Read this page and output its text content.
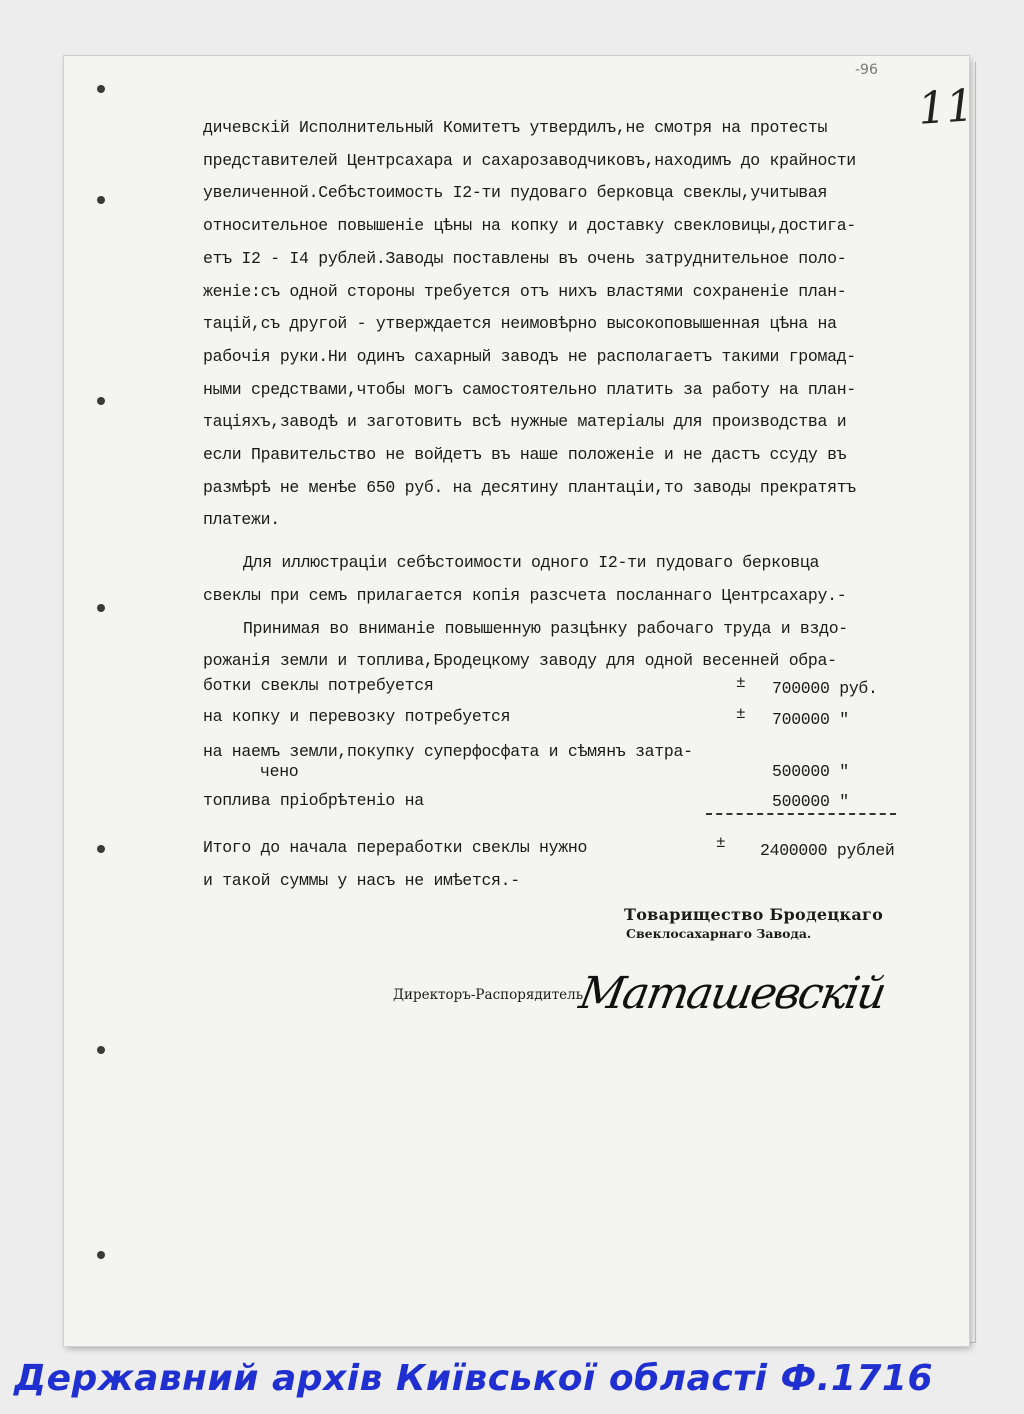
-96
11

дичевскій Исполнительный Комитетъ утвердилъ,не смотря на протесты

представителей Центрсахара и сахарозаводчиковъ,находимъ до крайности

увеличенной.Себѣстоимость I2-ти пудоваго берковца свеклы,учитывая

относительное повышеніе цѣны на копку и доставку свекловицы,достига-

етъ I2 - I4 рублей.Заводы поставлены въ очень затруднительное поло-

женіе:съ одной стороны требуется отъ нихъ властями сохраненіе план-

тацій,съ другой - утверждается неимовѣрно высокоповышенная цѣна на

рабочія руки.Ни одинъ сахарный заводъ не располагаетъ такими громад-

ными средствами,чтобы могъ самостоятельно платить за работу на план-

таціяхъ,заводѣ и заготовить всѣ нужные матеріалы для производства и

если Правительство не войдетъ въ наше положеніе и не дастъ ссуду въ

размѣрѣ не менѣе 650 руб. на десятину плантаціи,то заводы прекратятъ

платежи.

Для иллюстраціи себѣстоимости одного I2-ти пудоваго берковца

свеклы при семъ прилагается копія разсчета посланнаго Центрсахару.-

Принимая во вниманіе повышенную разцѣнку рабочаго труда и вздо-

рожанія земли и топлива,Бродецкому заводу для одной весенней обра-

ботки свеклы потребуется	± 700000 руб.
на копку и перевозку потребуется	± 700000 "
на наемъ земли,покупку суперфосфата и сѣмянъ затра-
чено	500000 "
топлива пріобрѣтеніо на	500000 "
Итого до начала переработки свеклы нужно	± 2400000 рублей
и такой суммы у насъ не имѣется.-
Товарищество Бродецкаго
Свеклосахарнаго Завода.
Директоръ-Распорядитель
Маташевскій
Державний архів Київської області Ф.1716
